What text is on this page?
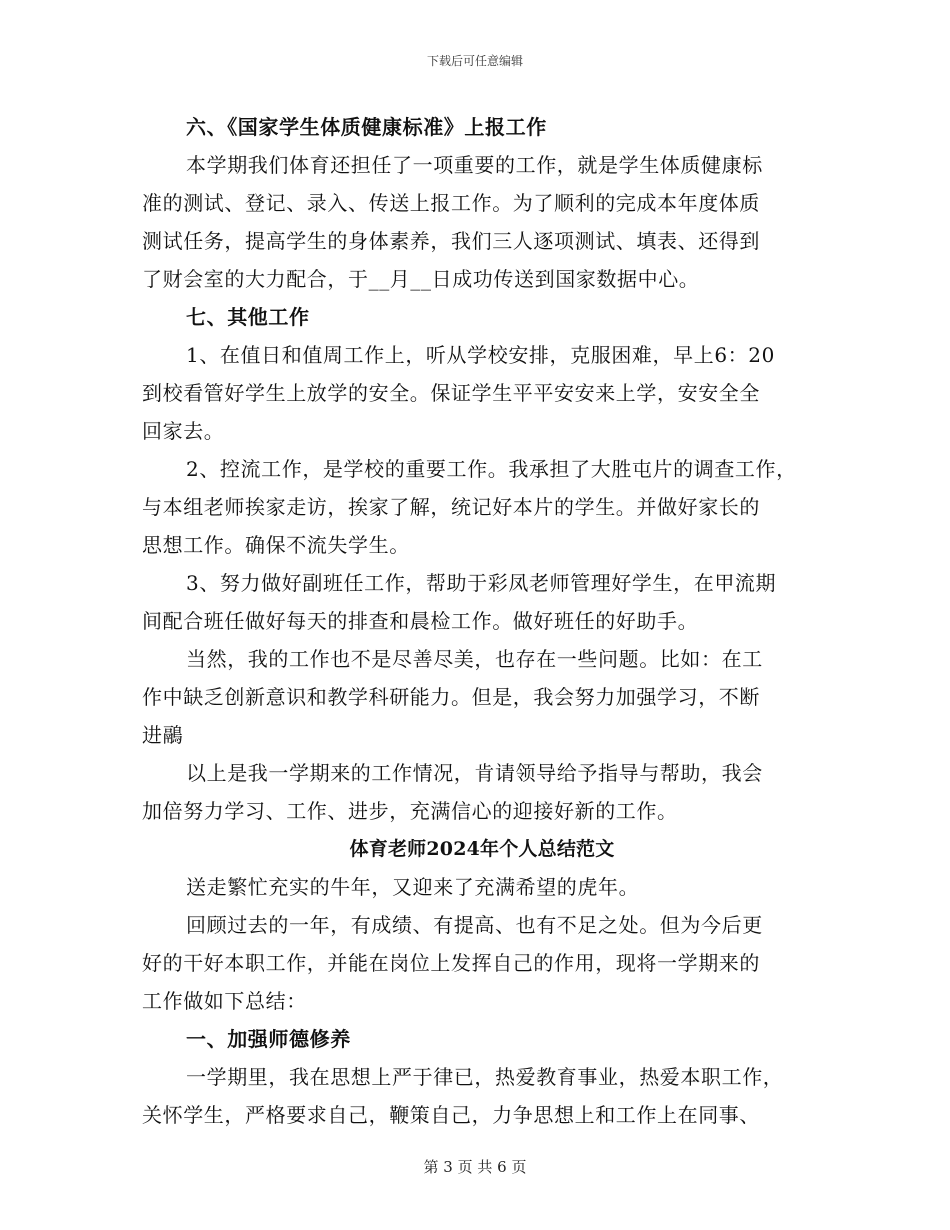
下载后可任意编辑
六、《国家学生体质健康标准》上报工作
本学期我们体育还担任了一项重要的工作，就是学生体质健康标
准的测试、登记、录入、传送上报工作。为了顺利的完成本年度体质
测试任务，提高学生的身体素养，我们三人逐项测试、填表、还得到
了财会室的大力配合，于__月__日成功传送到国家数据中心。
七、其他工作
1、在值日和值周工作上，听从学校安排，克服困难，早上6：20
到校看管好学生上放学的安全。保证学生平平安安来上学，安安全全
回家去。
2、控流工作，是学校的重要工作。我承担了大胜屯片的调查工作，
与本组老师挨家走访，挨家了解，统记好本片的学生。并做好家长的
思想工作。确保不流失学生。
3、努力做好副班任工作，帮助于彩凤老师管理好学生，在甲流期
间配合班任做好每天的排查和晨检工作。做好班任的好助手。
当然，我的工作也不是尽善尽美，也存在一些问题。比如：在工
作中缺乏创新意识和教学科研能力。但是，我会努力加强学习，不断
进鷊
以上是我一学期来的工作情况，肯请领导给予指导与帮助，我会
加倍努力学习、工作、进步，充满信心的迎接好新的工作。
体育老师2024年个人总结范文
送走繁忙充实的牛年，又迎来了充满希望的虎年。
回顾过去的一年，有成绩、有提高、也有不足之处。但为今后更
好的干好本职工作，并能在岗位上发挥自己的作用，现将一学期来的
工作做如下总结：
一、加强师德修养
一学期里，我在思想上严于律已，热爱教育事业，热爱本职工作，
关怀学生，严格要求自己，鞭策自己，力争思想上和工作上在同事、
第 3 页 共 6 页
